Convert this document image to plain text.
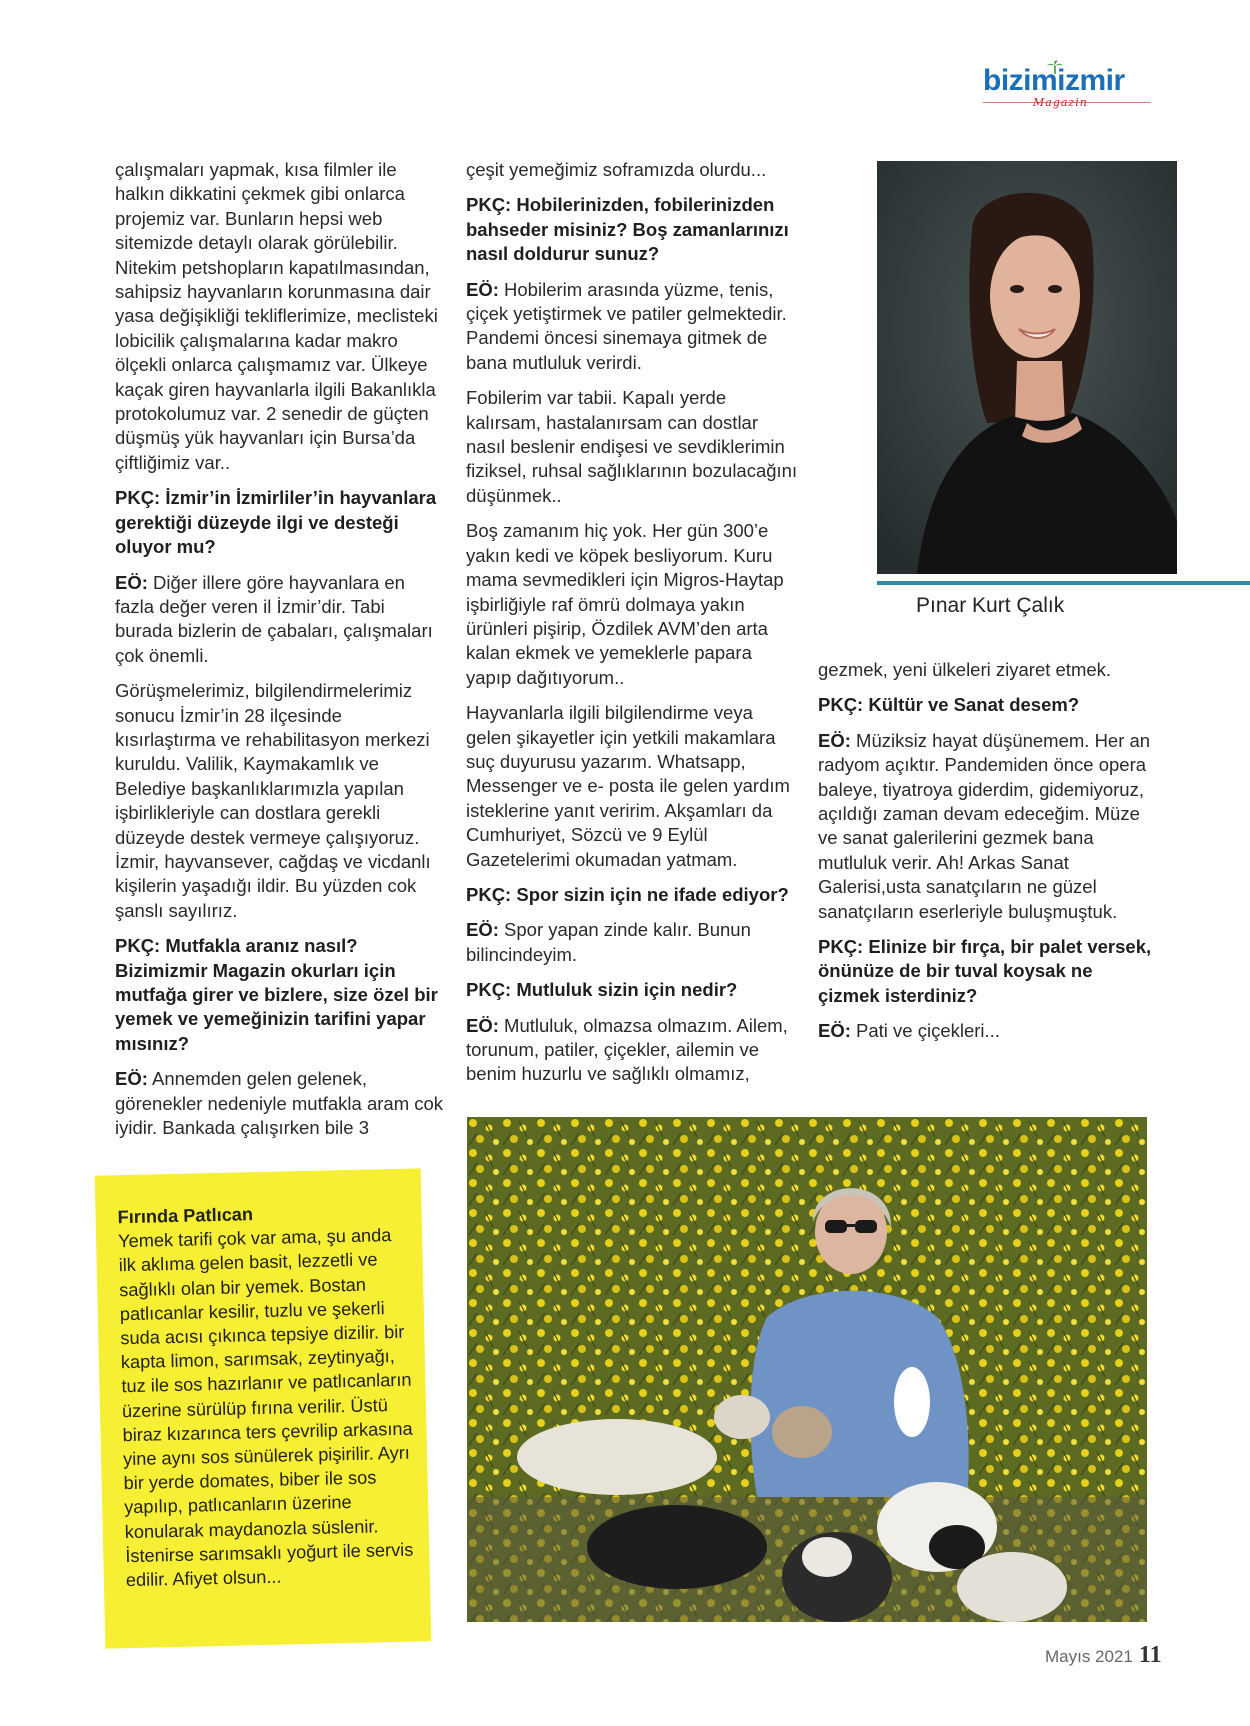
bizimizmir
Magazin

çalışmaları yapmak, kısa filmler ile halkın dikkatini çekmek gibi onlarca projemiz var. Bunların hepsi web sitemizde detaylı olarak görülebilir. Nitekim petshopların kapatılmasından, sahipsiz hayvanların korunmasına dair yasa değişikliği tekliflerimize, meclisteki lobicilik çalışmalarına kadar makro ölçekli onlarca çalışmamız var. Ülkeye kaçak giren hayvanlarla ilgili Bakanlıkla protokolumuz var. 2 senedir de güçten düşmüş yük hayvanları için Bursa’da çiftliğimiz var..

PKÇ: İzmir’in İzmirliler’in hayvanlara gerektiği düzeyde ilgi ve desteği oluyor mu?

EÖ: Diğer illere göre hayvanlara en fazla değer veren il İzmir’dir. Tabi burada bizlerin de çabaları, çalışmaları çok önemli.

Görüşmelerimiz, bilgilendirmelerimiz sonucu İzmir’in 28 ilçesinde kısırlaştırma ve rehabilitasyon merkezi kuruldu. Valilik, Kaymakamlık ve Belediye başkanlıklarımızla yapılan işbirlikleriyle can dostlara gerekli düzeyde destek vermeye çalışıyoruz. İzmir, hayvansever, cağdaş ve vicdanlı kişilerin yaşadığı ildir. Bu yüzden cok şanslı sayılırız.

PKÇ: Mutfakla aranız nasıl? Bizimizmir Magazin okurları için mutfağa girer ve bizlere, size özel bir yemek ve yemeğinizin tarifini yapar mısınız?

EÖ: Annemden gelen gelenek, görenekler nedeniyle mutfakla aram cok iyidir. Bankada çalışırken bile 3

çeşit yemeğimiz soframızda olurdu...

PKÇ: Hobilerinizden, fobilerinizden bahseder misiniz? Boş zamanlarınızı nasıl doldurur sunuz?

EÖ: Hobilerim arasında yüzme, tenis, çiçek yetiştirmek ve patiler gelmektedir. Pandemi öncesi sinemaya gitmek de bana mutluluk verirdi.

Fobilerim var tabii. Kapalı yerde kalırsam, hastalanırsam can dostlar nasıl beslenir endişesi ve sevdiklerimin fiziksel, ruhsal sağlıklarının bozulacağını düşünmek..

Boş zamanım hiç yok. Her gün 300’e yakın kedi ve köpek besliyorum. Kuru mama sevmedikleri için Migros-Haytap işbirliğiyle raf ömrü dolmaya yakın ürünleri pişirip, Özdilek AVM’den arta kalan ekmek ve yemeklerle papara yapıp dağıtıyorum..

Hayvanlarla ilgili bilgilendirme veya gelen şikayetler için yetkili makamlara suç duyurusu yazarım. Whatsapp, Messenger ve e- posta ile gelen yardım isteklerine yanıt veririm. Akşamları da Cumhuriyet, Sözcü ve 9 Eylül Gazetelerimi okumadan yatmam.

PKÇ: Spor sizin için ne ifade ediyor?

EÖ: Spor yapan zinde kalır. Bunun bilincindeyim.

PKÇ: Mutluluk sizin için nedir?

EÖ: Mutluluk, olmazsa olmazım. Ailem, torunum, patiler, çiçekler, ailemin ve benim huzurlu ve sağlıklı olmamız,

Pınar Kurt Çalık

gezmek, yeni ülkeleri ziyaret etmek.

PKÇ: Kültür ve Sanat desem?

EÖ: Müziksiz hayat düşünemem. Her an radyom açıktır. Pandemiden önce opera baleye, tiyatroya giderdim, gidemiyoruz, açıldığı zaman devam edeceğim. Müze ve sanat galerilerini gezmek bana mutluluk verir. Ah! Arkas Sanat Galerisi,usta sanatçıların ne güzel sanatçıların eserleriyle buluşmuştuk.

PKÇ: Elinize bir fırça, bir palet versek, önünüze de bir tuval koysak ne çizmek isterdiniz?

EÖ: Pati ve çiçekleri...

Fırında Patlıcan
Yemek tarifi çok var ama, şu anda ilk aklıma gelen basit, lezzetli ve sağlıklı olan bir yemek. Bostan patlıcanlar kesilir, tuzlu ve şekerli suda acısı çıkınca tepsiye dizilir. bir kapta limon, sarımsak, zeytinyağı, tuz ile sos hazırlanır ve patlıcanların üzerine sürülüp fırına verilir. Üstü biraz kızarınca ters çevrilip arkasına yine aynı sos sünülerek pişirilir. Ayrı bir yerde domates, biber ile sos yapılıp, patlıcanların üzerine konularak maydanozla süslenir. İstenirse sarımsaklı yoğurt ile servis edilir. Afiyet olsun...
Mayıs 2021 11
